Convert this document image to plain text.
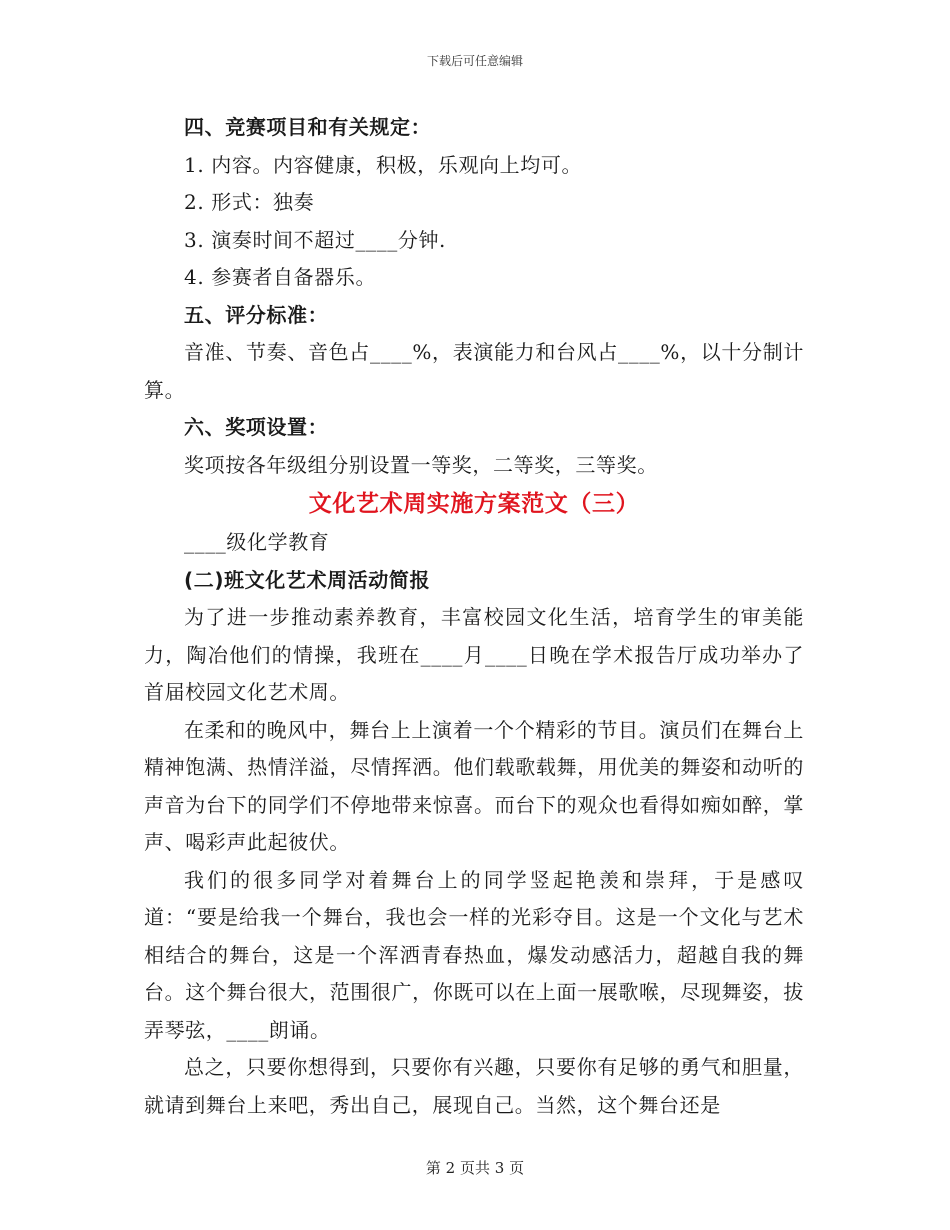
下载后可任意编辑

四、竞赛项目和有关规定：

1. 内容。内容健康，积极，乐观向上均可。

2. 形式：独奏

3. 演奏时间不超过____分钟.

4. 参赛者自备器乐。

五、评分标准：

音准、节奏、音色占____%，表演能力和台风占____%，以十分制计算。

六、奖项设置：

奖项按各年级组分别设置一等奖，二等奖，三等奖。

文化艺术周实施方案范文（三）

____级化学教育

(二)班文化艺术周活动简报

为了进一步推动素养教育，丰富校园文化生活，培育学生的审美能力，陶冶他们的情操，我班在____月____日晚在学术报告厅成功举办了首届校园文化艺术周。

在柔和的晚风中，舞台上上演着一个个精彩的节目。演员们在舞台上精神饱满、热情洋溢，尽情挥洒。他们载歌载舞，用优美的舞姿和动听的声音为台下的同学们不停地带来惊喜。而台下的观众也看得如痴如醉，掌声、喝彩声此起彼伏。

我们的很多同学对着舞台上的同学竖起艳羡和崇拜，于是感叹道：“要是给我一个舞台，我也会一样的光彩夺目。这是一个文化与艺术相结合的舞台，这是一个浑洒青春热血，爆发动感活力，超越自我的舞台。这个舞台很大，范围很广，你既可以在上面一展歌喉，尽现舞姿，拔弄琴弦，____朗诵。

总之，只要你想得到，只要你有兴趣，只要你有足够的勇气和胆量，就请到舞台上来吧，秀出自己，展现自己。当然，这个舞台还是

第 2 页共 3 页
